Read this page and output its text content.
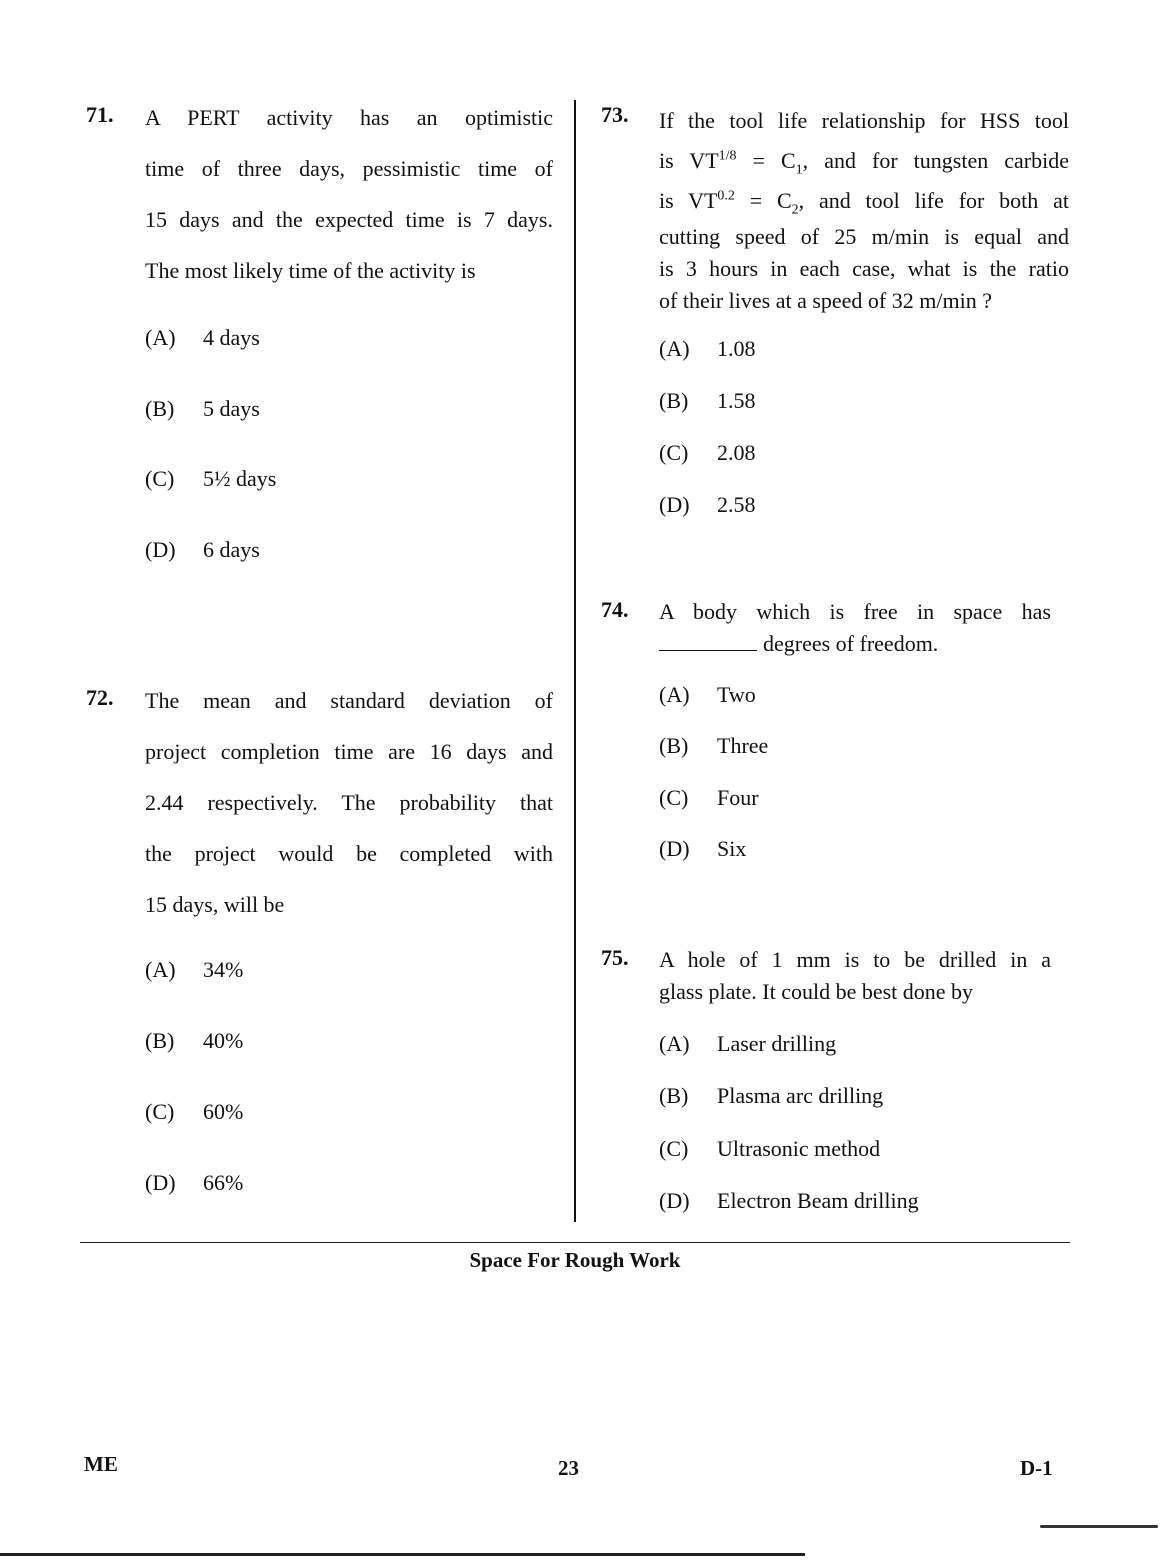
71. A PERT activity has an optimistic
time of three days, pessimistic time of
15 days and the expected time is 7 days.
The most likely time of the activity is
(A) 4 days
(B) 5 days
(C) 5½ days
(D) 6 days
72. The mean and standard deviation of
project completion time are 16 days and
2.44 respectively. The probability that
the project would be completed with
15 days, will be
(A) 34%
(B) 40%
(C) 60%
(D) 66%
73. If the tool life relationship for HSS tool
is $VT^{1/8} = C_1$, and for tungsten carbide
is $VT^{0.2} = C_2$, and tool life for both at
cutting speed of 25 m/min is equal and
is 3 hours in each case, what is the ratio
of their lives at a speed of 32 m/min ?
(A) 1.08
(B) 1.58
(C) 2.08
(D) 2.58
74. A body which is free in space has
degrees of freedom.
(A) Two
(B) Three
(C) Four
(D) Six
75. A hole of 1 mm is to be drilled in a
glass plate. It could be best done by
(A) Laser drilling
(B) Plasma arc drilling
(C) Ultrasonic method
(D) Electron Beam drilling
Space For Rough Work
ME	23	D-1
